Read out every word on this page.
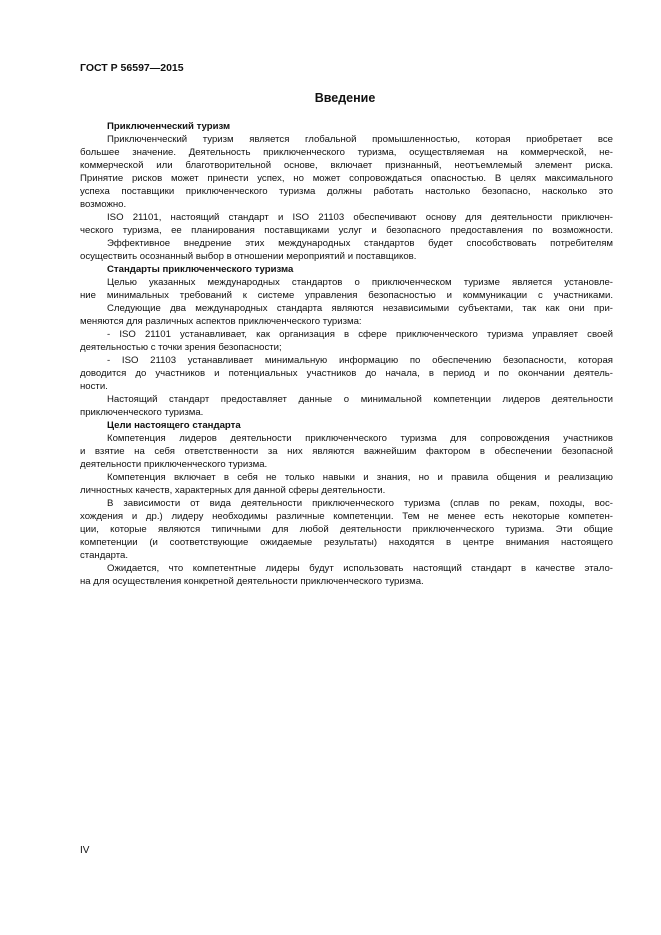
ГОСТ Р 56597—2015
Введение
Приключенческий туризм
Приключенческий туризм является глобальной промышленностью, которая приобретает все
большее значение. Деятельность приключенческого туризма, осуществляемая на коммерческой, не-
коммерческой или благотворительной основе, включает признанный, неотъемлемый элемент риска.
Принятие рисков может принести успех, но может сопровождаться опасностью. В целях максимального
успеха поставщики приключенческого туризма должны работать настолько безопасно, насколько это
возможно.
ISO 21101, настоящий стандарт и ISO 21103 обеспечивают основу для деятельности приключен-
ческого туризма, ее планирования поставщиками услуг и безопасного предоставления по возможности.
Эффективное внедрение этих международных стандартов будет способствовать потребителям
осуществить осознанный выбор в отношении мероприятий и поставщиков.
Стандарты приключенческого туризма
Целью указанных международных стандартов о приключенческом туризме является установле-
ние минимальных требований к системе управления безопасностью и коммуникации с участниками.
Следующие два международных стандарта являются независимыми субъектами, так как они при-
меняются для различных аспектов приключенческого туризма:
- ISO 21101 устанавливает, как организация в сфере приключенческого туризма управляет своей
деятельностью с точки зрения безопасности;
- ISO 21103 устанавливает минимальную информацию по обеспечению безопасности, которая
доводится до участников и потенциальных участников до начала, в период и по окончании деятель-
ности.
Настоящий стандарт предоставляет данные о минимальной компетенции лидеров деятельности
приключенческого туризма.
Цели настоящего стандарта
Компетенция лидеров деятельности приключенческого туризма для сопровождения участников
и взятие на себя ответственности за них являются важнейшим фактором в обеспечении безопасной
деятельности приключенческого туризма.
Компетенция включает в себя не только навыки и знания, но и правила общения и реализацию
личностных качеств, характерных для данной сферы деятельности.
В зависимости от вида деятельности приключенческого туризма (сплав по рекам, походы, вос-
хождения и др.) лидеру необходимы различные компетенции. Тем не менее есть некоторые компетен-
ции, которые являются типичными для любой деятельности приключенческого туризма. Эти общие
компетенции (и соответствующие ожидаемые результаты) находятся в центре внимания настоящего
стандарта.
Ожидается, что компетентные лидеры будут использовать настоящий стандарт в качестве этало-
на для осуществления конкретной деятельности приключенческого туризма.
IV
